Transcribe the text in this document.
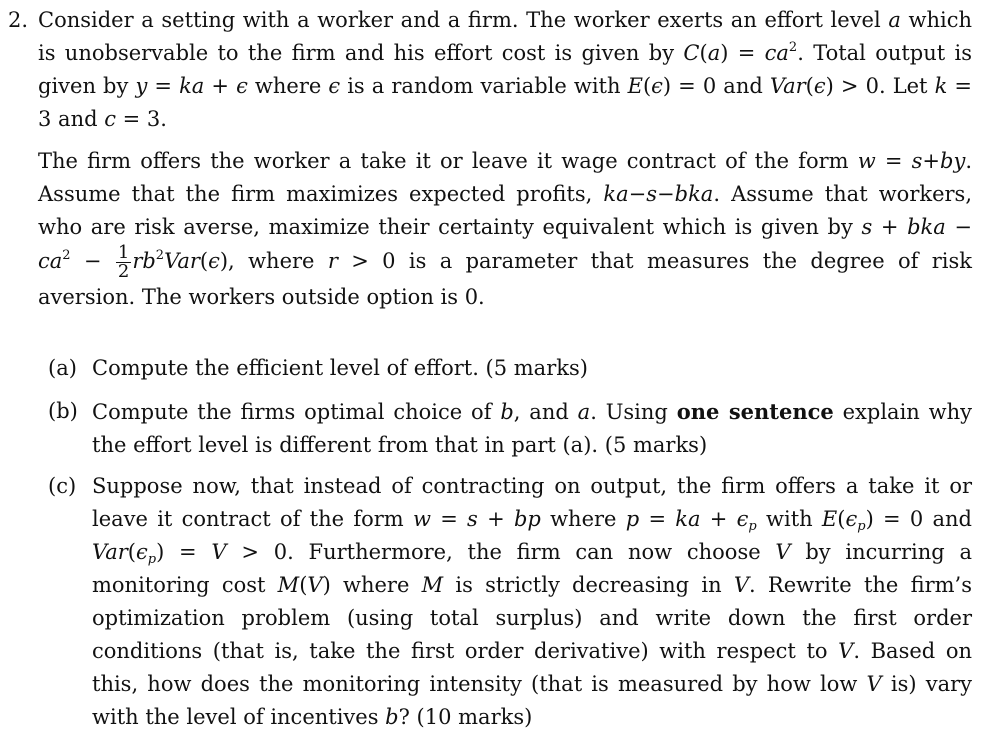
2. Consider a setting with a worker and a firm. The worker exerts an effort level a which is unobservable to the firm and his effort cost is given by $C(a) = ca^2$. Total output is given by y = ka + ϵ where ϵ is a random variable with E(ϵ) = 0 and Var(ϵ) > 0. Let k = 3 and c = 3.
The firm offers the worker a take it or leave it wage contract of the form w = s+by. Assume that the firm maximizes expected profits, ka−s−bka. Assume that workers, who are risk averse, maximize their certainty equivalent which is given by s + bka − $ca^2 - \frac{1}{2} rb^2Var(\epsilon)$, where r > 0 is a parameter that measures the degree of risk aversion. The workers outside option is 0.
(a) Compute the efficient level of effort. (5 marks)
(b) Compute the firms optimal choice of b, and a. Using one sentence explain why the effort level is different from that in part (a). (5 marks)
(c) Suppose now, that instead of contracting on output, the firm offers a take it or leave it contract of the form w = s + bp where p = ka + $\epsilon_p$ with $E(\epsilon_p) = 0$ and $Var(\epsilon_p) = V > 0$. Furthermore, the firm can now choose V by incurring a monitoring cost M(V) where M is strictly decreasing in V. Rewrite the firm’s optimization problem (using total surplus) and write down the first order conditions (that is, take the first order derivative) with respect to V. Based on this, how does the monitoring intensity (that is measured by how low V is) vary with the level of incentives b? (10 marks)
